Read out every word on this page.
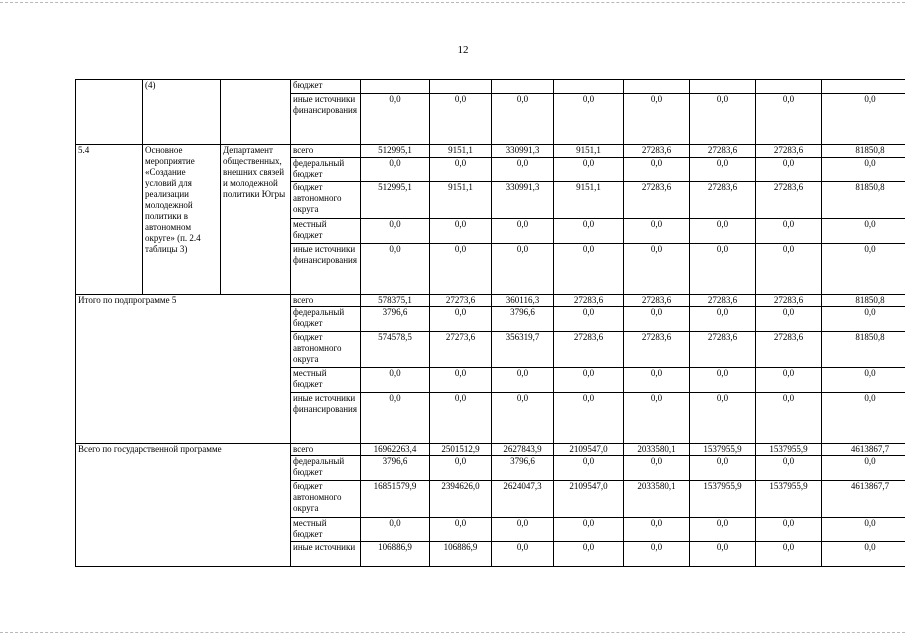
12
	(4)		бюджет	

			иные источники финансирования	0,0	0,0	0,0	0,0	0,0	0,0	0,0	0,0

5.4	Основное мероприятие «Создание условий для реализации молодежной политики в автономном округе» (п. 2.4 таблицы 3)	Департамент общественных, внешних связей и молодежной политики Югры	всего	512995,1	9151,1	330991,3	9151,1	27283,6	27283,6	27283,6	81850,8

			федеральный бюджет	0,0	0,0	0,0	0,0	0,0	0,0	0,0	0,0

			бюджет автономного округа	512995,1	9151,1	330991,3	9151,1	27283,6	27283,6	27283,6	81850,8

			местный бюджет	0,0	0,0	0,0	0,0	0,0	0,0	0,0	0,0

			иные источники финансирования	0,0	0,0	0,0	0,0	0,0	0,0	0,0	0,0

Итого по подпрограмме 5			всего	578375,1	27273,6	360116,3	27283,6	27283,6	27283,6	27283,6	81850,8

			федеральный бюджет	3796,6	0,0	3796,6	0,0	0,0	0,0	0,0	0,0

			бюджет автономного округа	574578,5	27273,6	356319,7	27283,6	27283,6	27283,6	27283,6	81850,8

			местный бюджет	0,0	0,0	0,0	0,0	0,0	0,0	0,0	0,0

			иные источники финансирования	0,0	0,0	0,0	0,0	0,0	0,0	0,0	0,0

Всего по государственной программе			всего	16962263,4	2501512,9	2627843,9	2109547,0	2033580,1	1537955,9	1537955,9	4613867,7

			федеральный бюджет	3796,6	0,0	3796,6	0,0	0,0	0,0	0,0	0,0

			бюджет автономного округа	16851579,9	2394626,0	2624047,3	2109547,0	2033580,1	1537955,9	1537955,9	4613867,7

			местный бюджет	0,0	0,0	0,0	0,0	0,0	0,0	0,0	0,0

			иные источники	106886,9	106886,9	0,0	0,0	0,0	0,0	0,0	0,0
